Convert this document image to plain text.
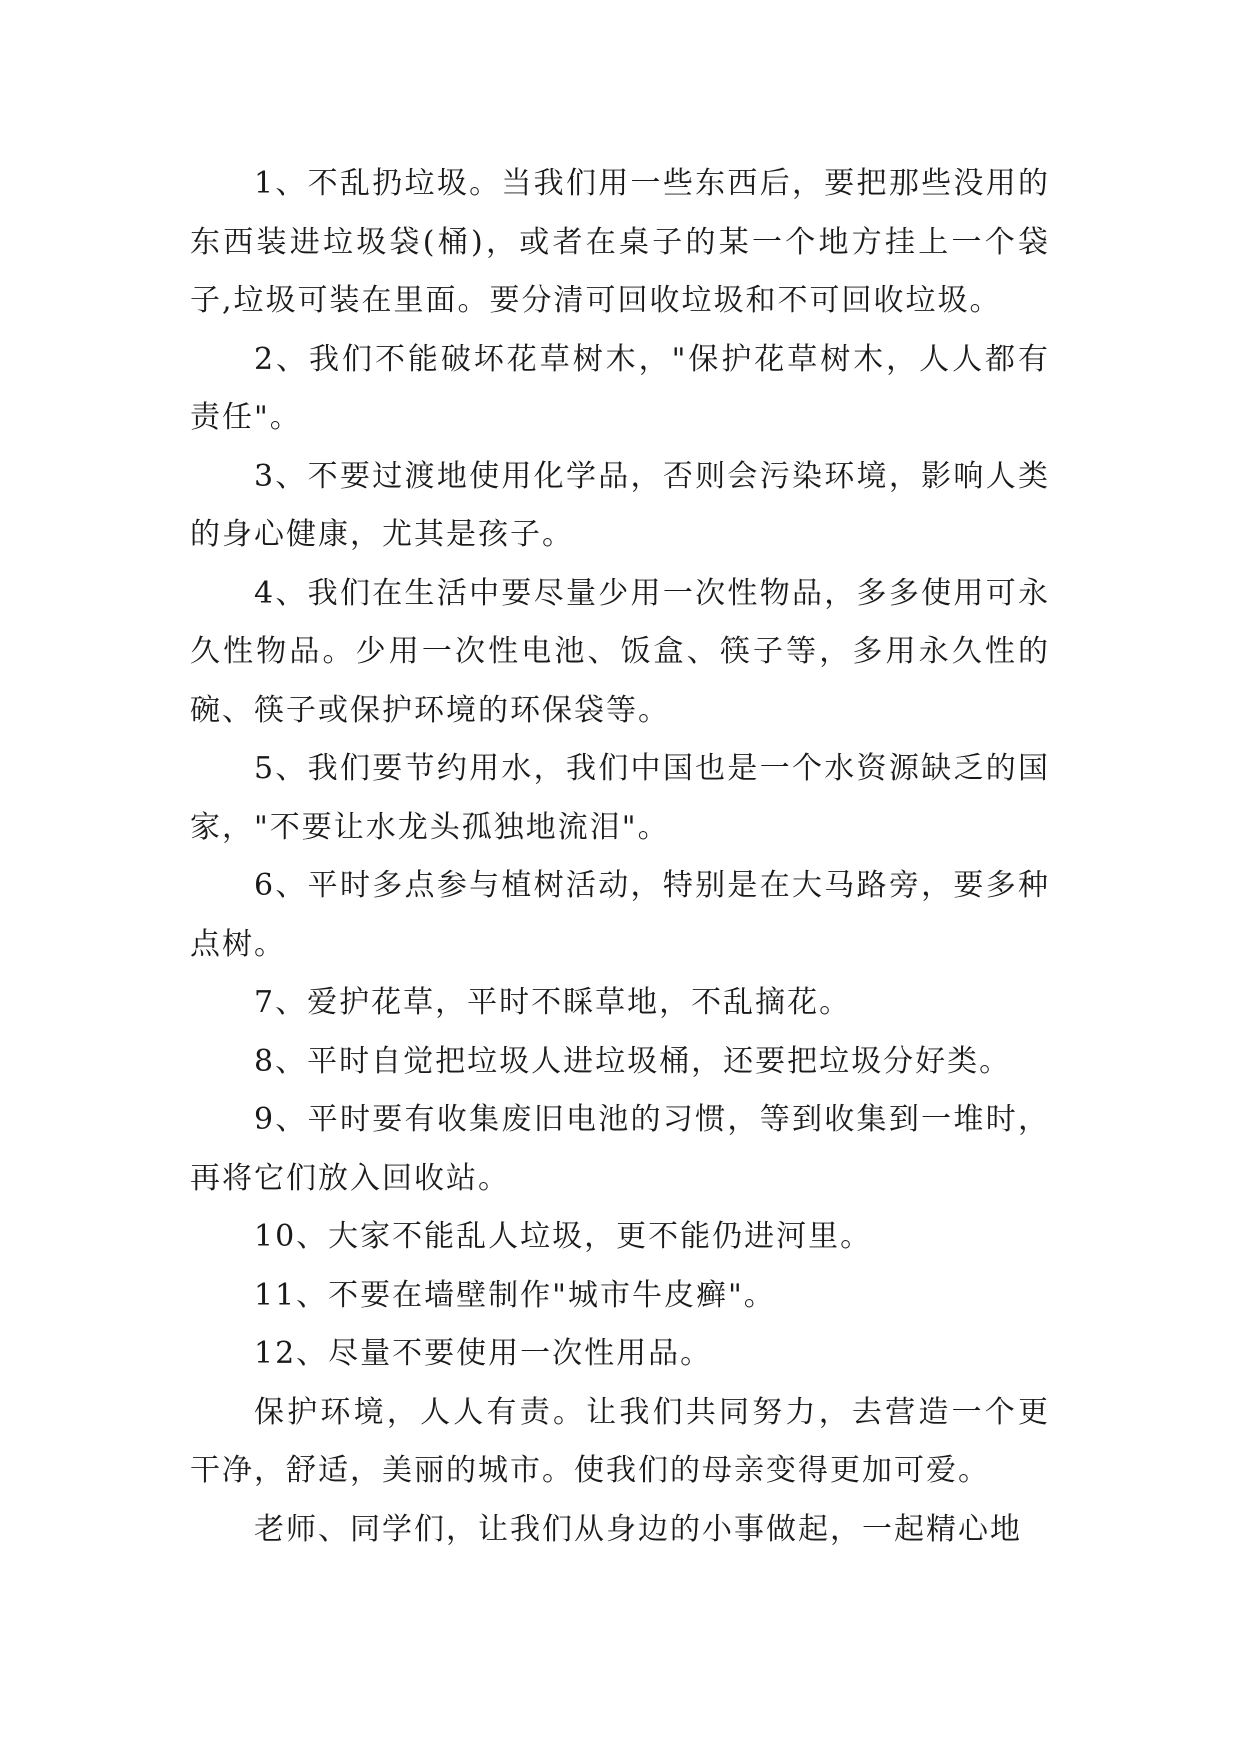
1、不乱扔垃圾。当我们用一些东西后，要把那些没用的东西装进垃圾袋(桶)，或者在桌子的某一个地方挂上一个袋子,垃圾可装在里面。要分清可回收垃圾和不可回收垃圾。

2、我们不能破坏花草树木，"保护花草树木，人人都有责任"。

3、不要过渡地使用化学品，否则会污染环境，影响人类的身心健康，尤其是孩子。

4、我们在生活中要尽量少用一次性物品，多多使用可永久性物品。少用一次性电池、饭盒、筷子等，多用永久性的碗、筷子或保护环境的环保袋等。

5、我们要节约用水，我们中国也是一个水资源缺乏的国家，"不要让水龙头孤独地流泪"。

6、平时多点参与植树活动，特别是在大马路旁，要多种点树。

7、爱护花草，平时不睬草地，不乱摘花。

8、平时自觉把垃圾人进垃圾桶，还要把垃圾分好类。

9、平时要有收集废旧电池的习惯，等到收集到一堆时，再将它们放入回收站。

10、大家不能乱人垃圾，更不能仍进河里。

11、不要在墙壁制作"城市牛皮癣"。

12、尽量不要使用一次性用品。

保护环境，人人有责。让我们共同努力，去营造一个更干净，舒适，美丽的城市。使我们的母亲变得更加可爱。

老师、同学们，让我们从身边的小事做起，一起精心地
